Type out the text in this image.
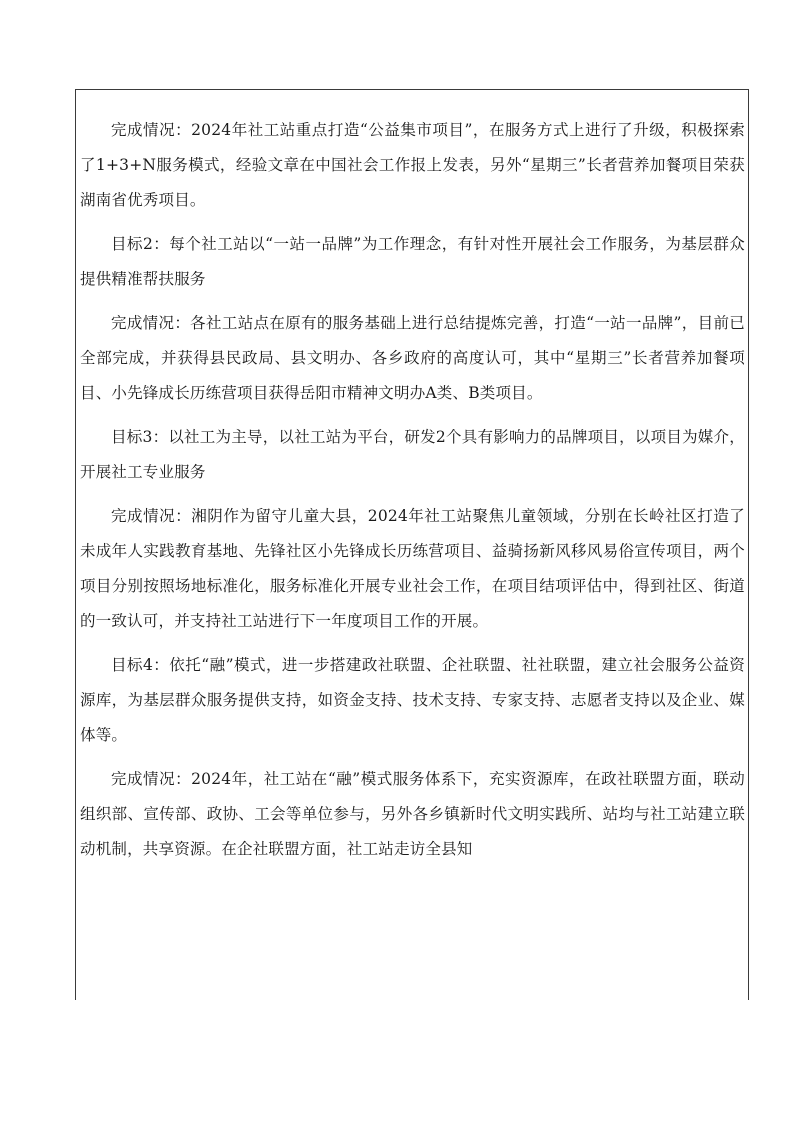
完成情况：2024年社工站重点打造“公益集市项目”，在服务方式上进行了升级，积极探索了1+3+N服务模式，经验文章在中国社会工作报上发表，另外“星期三”长者营养加餐项目荣获湖南省优秀项目。

目标2：每个社工站以“一站一品牌”为工作理念，有针对性开展社会工作服务，为基层群众提供精准帮扶服务

完成情况：各社工站点在原有的服务基础上进行总结提炼完善，打造“一站一品牌”，目前已全部完成，并获得县民政局、县文明办、各乡政府的高度认可，其中“星期三”长者营养加餐项目、小先锋成长历练营项目获得岳阳市精神文明办A类、B类项目。

目标3：以社工为主导，以社工站为平台，研发2个具有影响力的品牌项目，以项目为媒介，开展社工专业服务

完成情况：湘阴作为留守儿童大县，2024年社工站聚焦儿童领域，分别在长岭社区打造了未成年人实践教育基地、先锋社区小先锋成长历练营项目、益骑扬新风移风易俗宣传项目，两个项目分别按照场地标准化，服务标准化开展专业社会工作，在项目结项评估中，得到社区、街道的一致认可，并支持社工站进行下一年度项目工作的开展。

目标4：依托“融”模式，进一步搭建政社联盟、企社联盟、社社联盟，建立社会服务公益资源库，为基层群众服务提供支持，如资金支持、技术支持、专家支持、志愿者支持以及企业、媒体等。

完成情况：2024年，社工站在“融”模式服务体系下，充实资源库，在政社联盟方面，联动组织部、宣传部、政协、工会等单位参与，另外各乡镇新时代文明实践所、站均与社工站建立联动机制，共享资源。在企社联盟方面，社工站走访全县知
